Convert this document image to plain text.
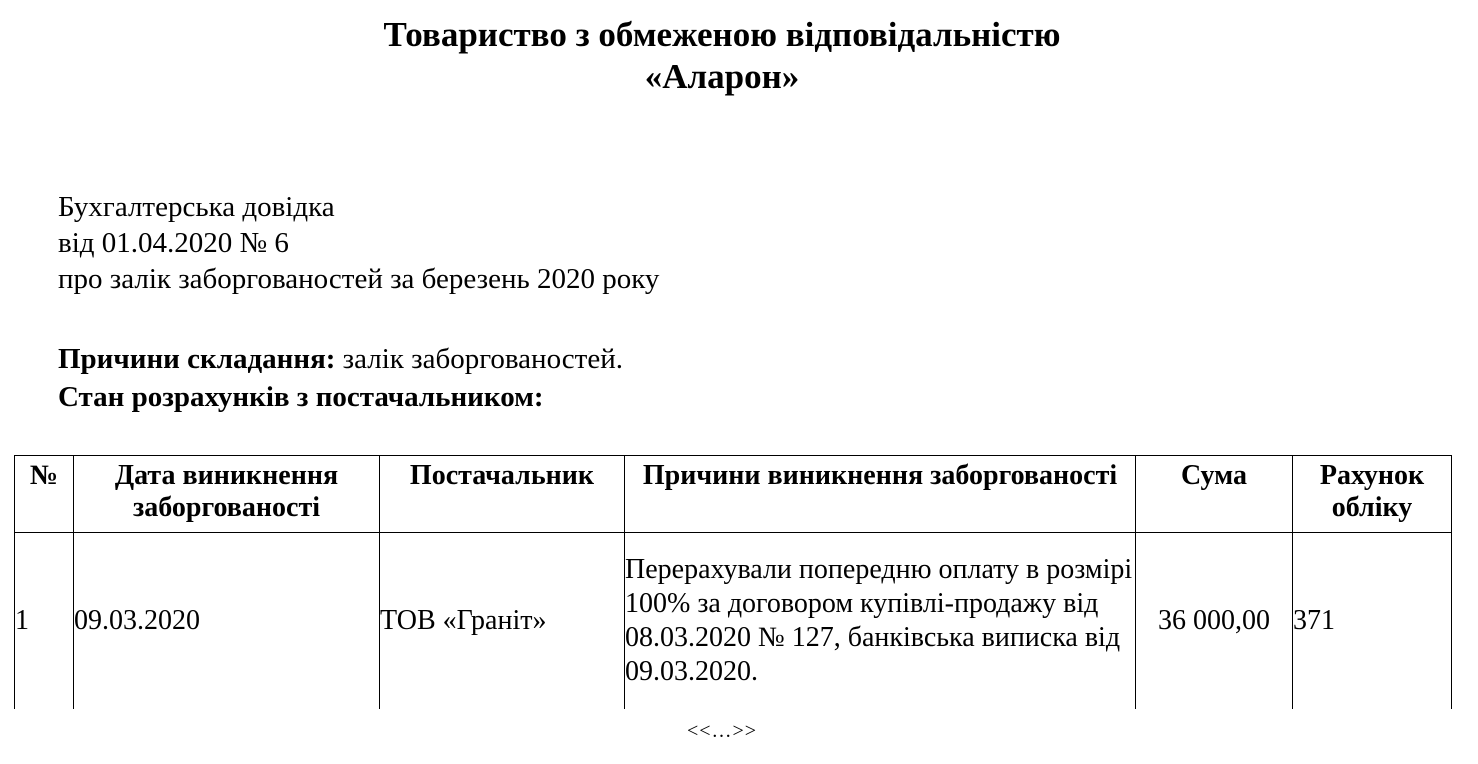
Товариство з обмеженою відповідальністю
«Аларон»
Бухгалтерська довідка
від 01.04.2020 № 6
про залік заборгованостей за березень 2020 року
Причини складання: залік заборгованостей.
Стан розрахунків з постачальником:
№	Дата виникнення заборгованості	Постачальник	Причини виникнення заборгованості	Сума	Рахунок обліку
1	09.03.2020	ТОВ «Граніт»	Перерахували попередню оплату в розмірі 100% за договором купівлі-продажу від 08.03.2020 № 127, банківська виписка від 09.03.2020.	36 000,00	371
<<…>>
